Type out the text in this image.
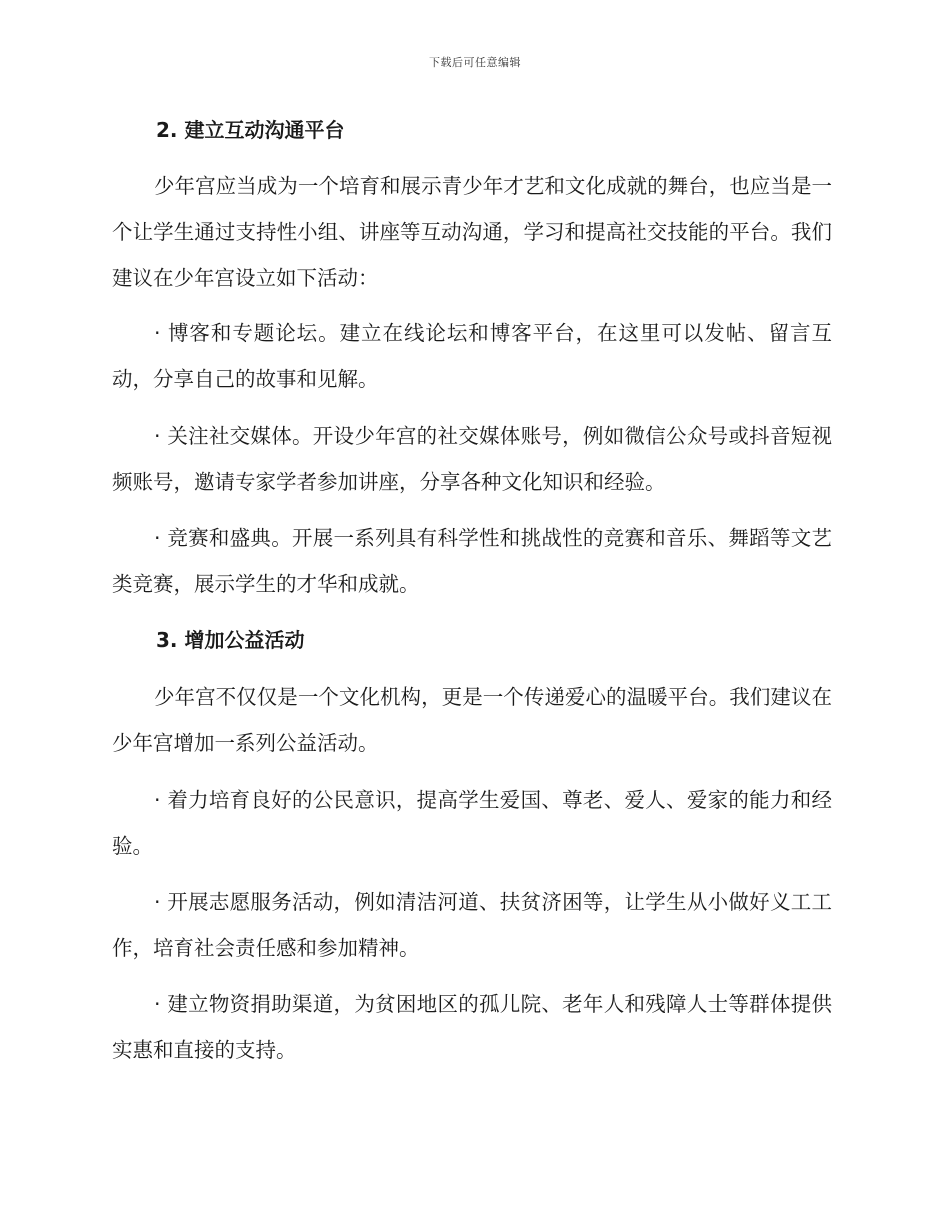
下载后可任意编辑
2. 建立互动沟通平台
少年宫应当成为一个培育和展示青少年才艺和文化成就的舞台，也应当是一个让学生通过支持性小组、讲座等互动沟通，学习和提高社交技能的平台。我们建议在少年宫设立如下活动：
· 博客和专题论坛。建立在线论坛和博客平台，在这里可以发帖、留言互动，分享自己的故事和见解。
· 关注社交媒体。开设少年宫的社交媒体账号，例如微信公众号或抖音短视频账号，邀请专家学者参加讲座，分享各种文化知识和经验。
· 竞赛和盛典。开展一系列具有科学性和挑战性的竞赛和音乐、舞蹈等文艺类竞赛，展示学生的才华和成就。
3. 增加公益活动
少年宫不仅仅是一个文化机构，更是一个传递爱心的温暖平台。我们建议在少年宫增加一系列公益活动。
· 着力培育良好的公民意识，提高学生爱国、尊老、爱人、爱家的能力和经验。
· 开展志愿服务活动，例如清洁河道、扶贫济困等，让学生从小做好义工工作，培育社会责任感和参加精神。
· 建立物资捐助渠道，为贫困地区的孤儿院、老年人和残障人士等群体提供实惠和直接的支持。
